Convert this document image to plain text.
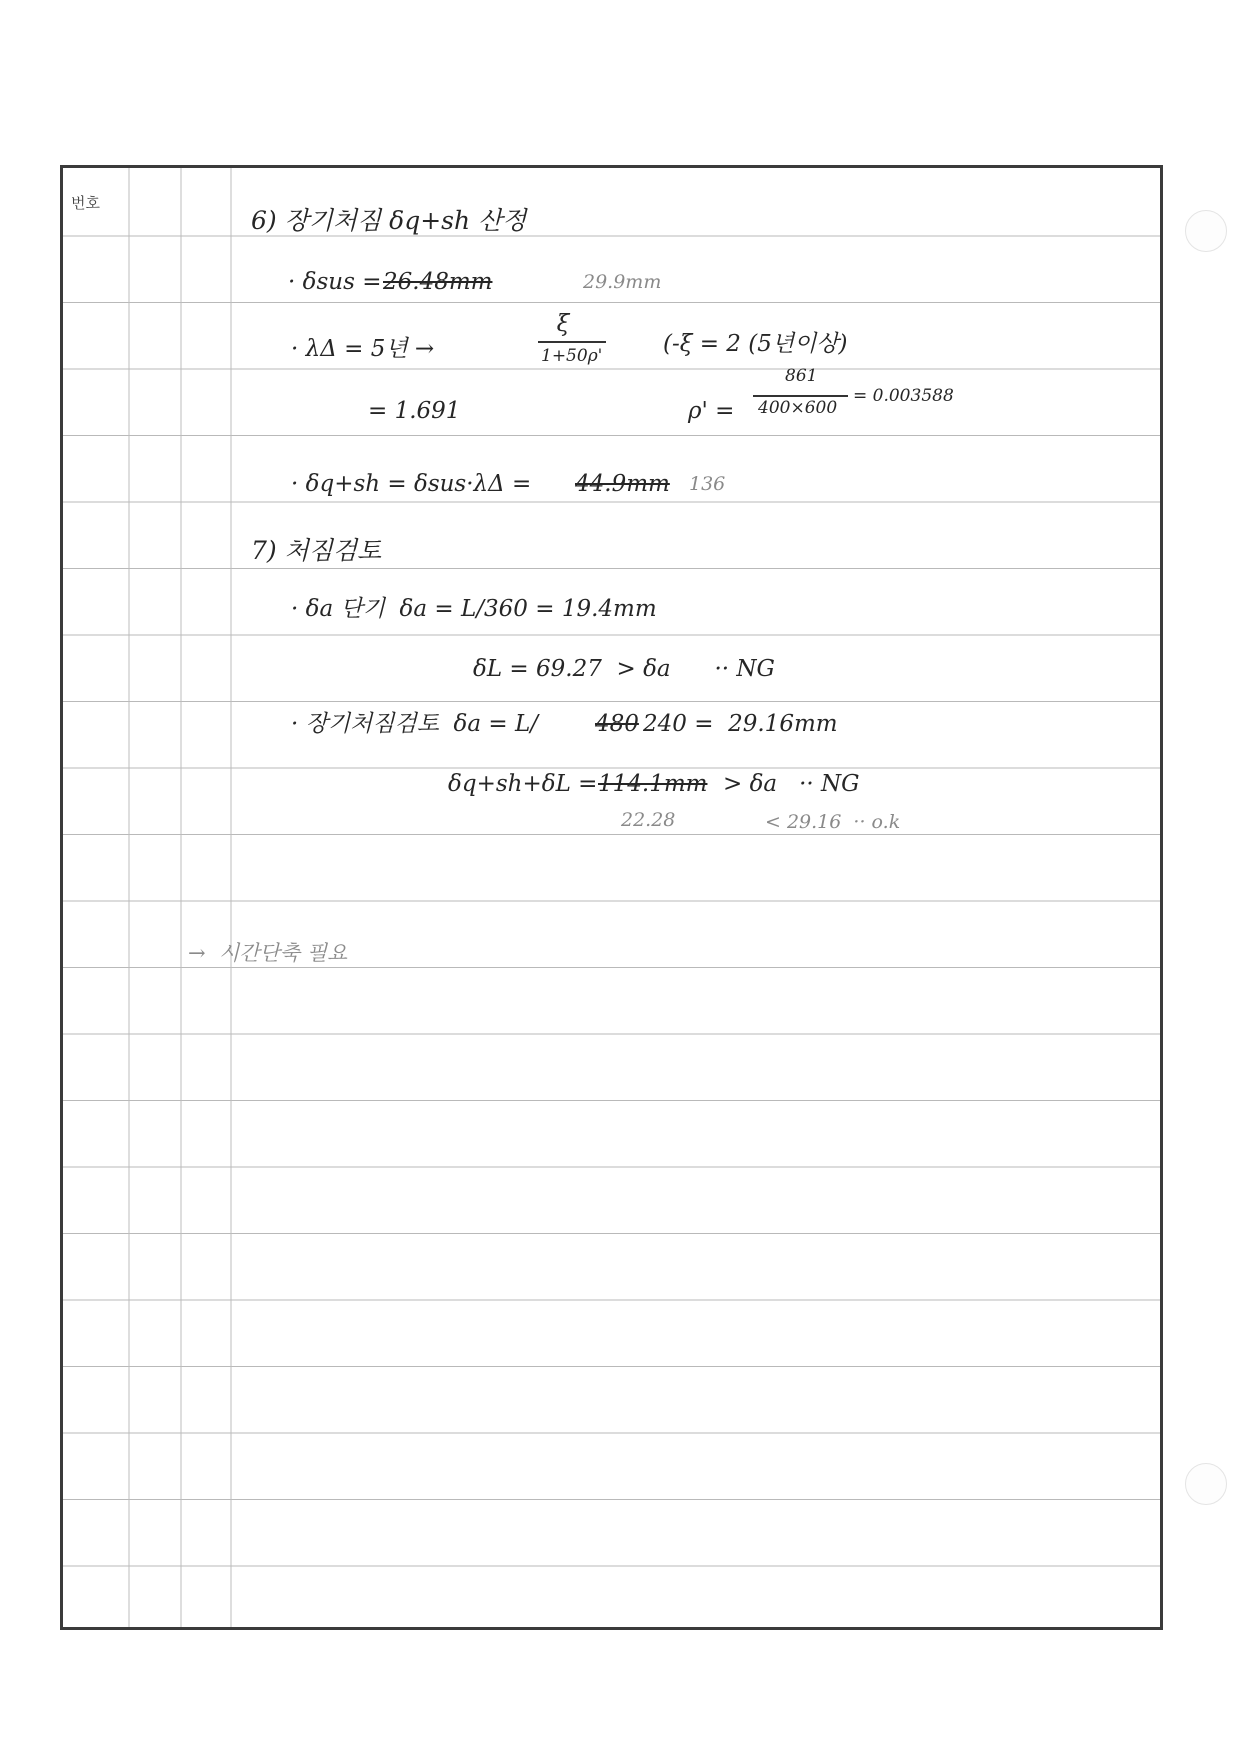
번호
6) 장기처짐 δq+sh 산정
· δsus = 26.48mm	29.9mm
· λΔ = 5년 →
ξ
1+50ρ'	(-ξ = 2 (5년이상)
861
ρ' = 400×600
= 0.003588
= 1.691
· δq+sh = δsus·λΔ = 44.9mm 136
7) 처짐검토
· δa 단기  δa = L/360 = 19.4mm
δL = 69.27  > δa      ·· NG
· 장기처짐검토  δa = L/ 480 240 =  29.16mm
δq+sh+δL = 114.1mm > δa   ·· NG
22.28	< 29.16  ·· o.k
→  시간단축 필요
